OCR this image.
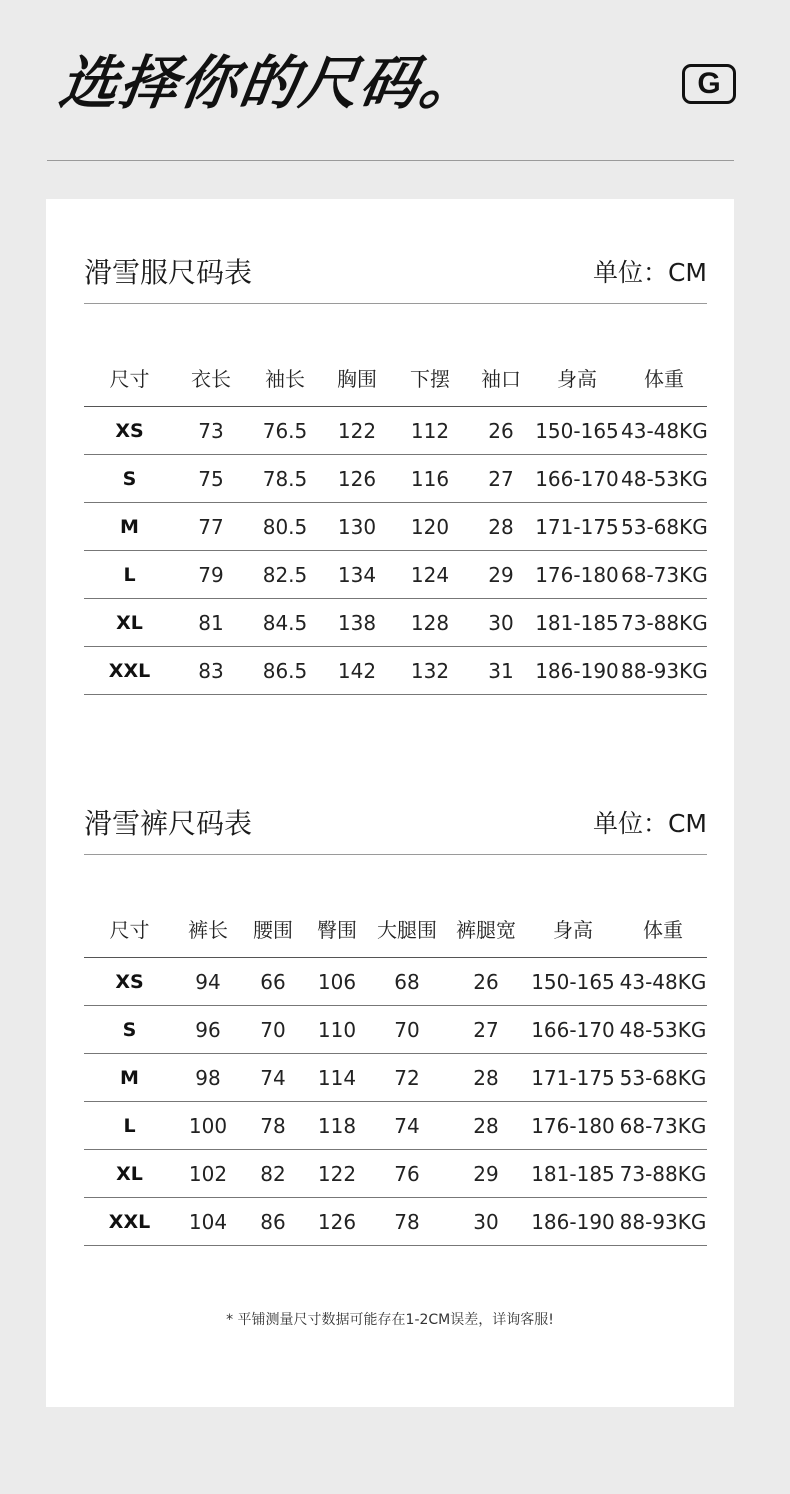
选择你的尺码。	G
滑雪服尺码表	单位：CM
尺寸	衣长	袖长	胸围	下摆	袖口	身高	体重
XS	73	76.5	122	112	26	150-165	43-48KG
S	75	78.5	126	116	27	166-170	48-53KG
M	77	80.5	130	120	28	171-175	53-68KG
L	79	82.5	134	124	29	176-180	68-73KG
XL	81	84.5	138	128	30	181-185	73-88KG
XXL	83	86.5	142	132	31	186-190	88-93KG
滑雪裤尺码表	单位：CM
尺寸	裤长	腰围	臀围	大腿围	裤腿宽	身高	体重
XS	94	66	106	68	26	150-165	43-48KG
S	96	70	110	70	27	166-170	48-53KG
M	98	74	114	72	28	171-175	53-68KG
L	100	78	118	74	28	176-180	68-73KG
XL	102	82	122	76	29	181-185	73-88KG
XXL	104	86	126	78	30	186-190	88-93KG
* 平铺测量尺寸数据可能存在1-2CM误差，详询客服!
